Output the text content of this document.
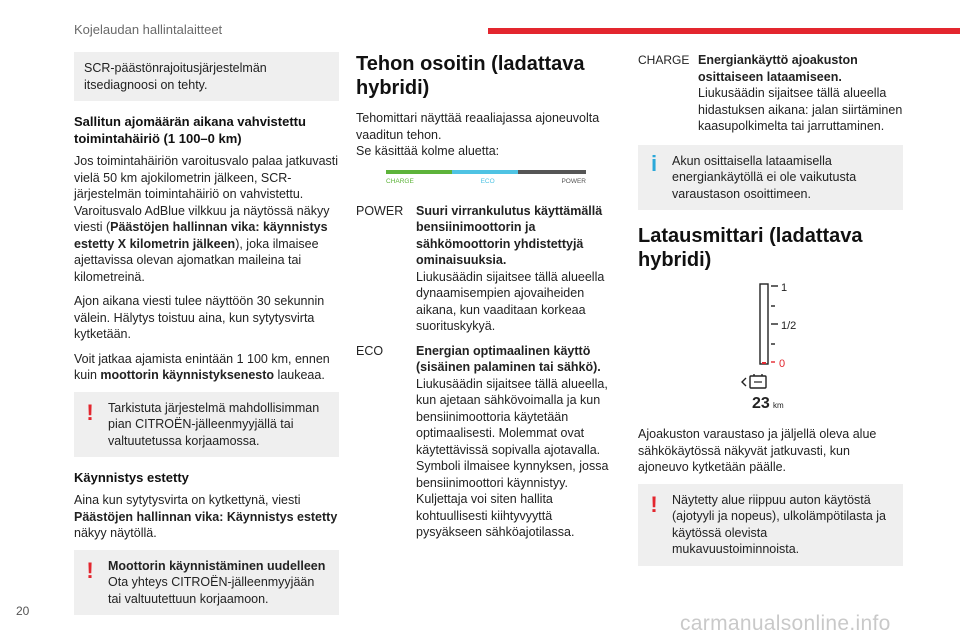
Kojelaudan hallintalaitteet
SCR-päästönrajoitusjärjestelmän itsediagnoosi on tehty.
Sallitun ajomäärän aikana vahvistettu toimintahäiriö (1 100–0 km)
Jos toimintahäiriön varoitusvalo palaa jatkuvasti vielä 50 km ajokilometrin jälkeen, SCR-järjestelmän toimintahäiriö on vahvistettu. Varoitusvalo AdBlue vilkkuu ja näytössä näkyy viesti (Päästöjen hallinnan vika: käynnistys estetty X kilometrin jälkeen), joka ilmaisee ajettavissa olevan ajomatkan maileina tai kilometreinä.
Ajon aikana viesti tulee näyttöön 30 sekunnin välein. Hälytys toistuu aina, kun sytytysvirta kytketään.
Voit jatkaa ajamista enintään 1 100 km, ennen kuin moottorin käynnistyksenesto laukeaa.
! Tarkistuta järjestelmä mahdollisimman pian CITROËN-jälleenmyyjällä tai valtuutetussa korjaamossa.
Käynnistys estetty
Aina kun sytytysvirta on kytkettynä, viesti Päästöjen hallinnan vika: Käynnistys estetty näkyy näytöllä.
! Moottorin käynnistäminen uudelleen
Ota yhteys CITROËN-jälleenmyyjään tai valtuutettuun korjaamoon.
Tehon osoitin (ladattava hybridi)
Tehomittari näyttää reaaliajassa ajoneuvolta vaaditun tehon.
Se käsittää kolme aluetta:
CHARGE	ECO	POWER
POWER	Suuri virrankulutus käyttämällä bensiinimoottorin ja sähkömoottorin yhdistettyjä ominaisuuksia.
Liukusäädin sijaitsee tällä alueella dynaamisempien ajovaiheiden aikana, kun vaaditaan korkeaa suorituskykyä.
ECO	Energian optimaalinen käyttö (sisäinen palaminen tai sähkö).
Liukusäädin sijaitsee tällä alueella, kun ajetaan sähkövoimalla ja kun bensiinimoottoria käytetään optimaalisesti. Molemmat ovat käytettävissä sopivalla ajotavalla. Symboli ilmaisee kynnyksen, jossa bensiinimoottori käynnistyy. Kuljettaja voi siten hallita kohtuullisesti kiihtyvyyttä pysyäkseen sähköajotilassa.
CHARGE Energiankäyttö ajoakuston osittaiseen lataamiseen.
Liukusäädin sijaitsee tällä alueella hidastuksen aikana: jalan siirtäminen kaasupolkimelta tai jarruttaminen.
i Akun osittaisella lataamisella energiankäytöllä ei ole vaikutusta varaustason osoittimeen.
Latausmittari (ladattava hybridi)
1
1/2
0
23 km
Ajoakuston varaustaso ja jäljellä oleva alue sähkökäytössä näkyvät jatkuvasti, kun ajoneuvo kytketään päälle.
! Näytetty alue riippuu auton käytöstä (ajotyyli ja nopeus), ulkolämpötilasta ja käytössä olevista mukavuustoiminnoista.
20
carmanualsonline.info
